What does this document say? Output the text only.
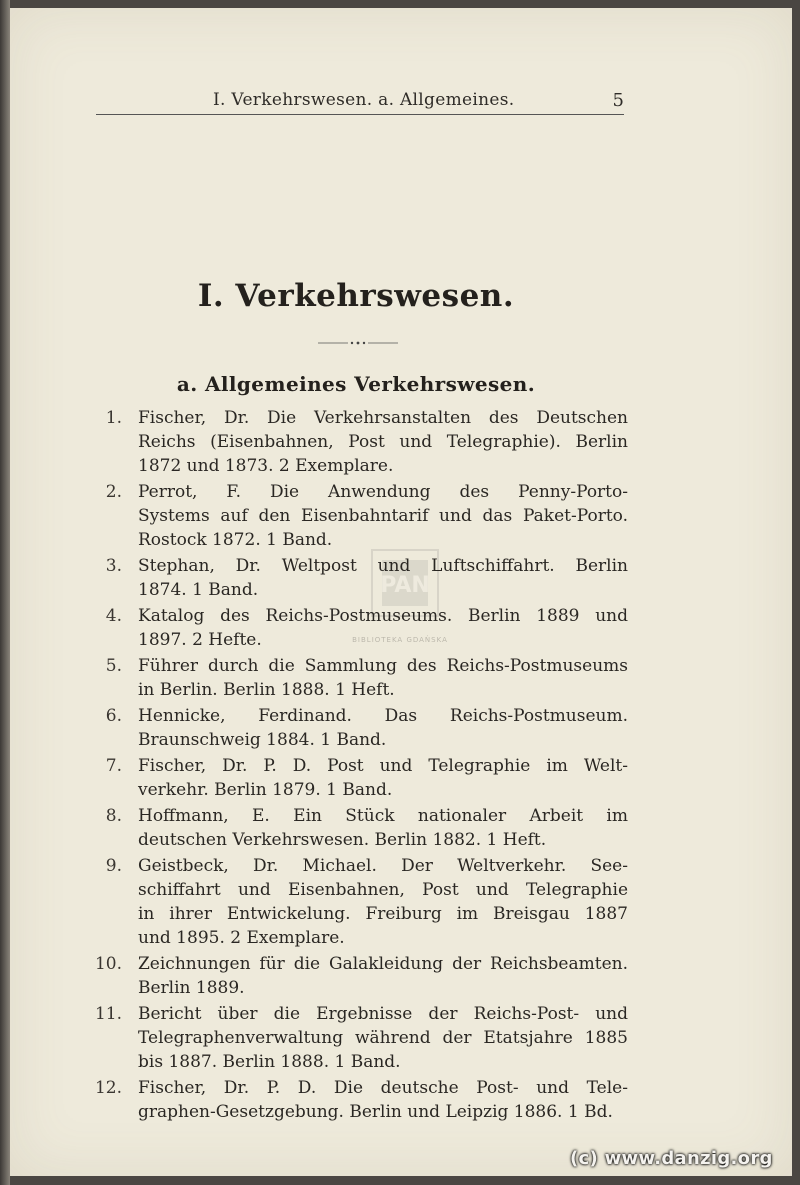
I. Verkehrswesen. a. Allgemeines.	5
I. Verkehrswesen.
a. Allgemeines Verkehrswesen.
PAN
BIBLIOTEKA GDAŃSKA
1. Fischer, Dr. Die Verkehrsanstalten des Deutschen

Reichs (Eisenbahnen, Post und Telegraphie). Berlin

1872 und 1873. 2 Exemplare.

2. Perrot, F. Die Anwendung des Penny-Porto-

Systems auf den Eisenbahntarif und das Paket-Porto.

Rostock 1872. 1 Band.

3. Stephan, Dr. Weltpost und Luftschiffahrt. Berlin

1874. 1 Band.

4. Katalog des Reichs-Postmuseums. Berlin 1889 und

1897. 2 Hefte.

5. Führer durch die Sammlung des Reichs-Postmuseums

in Berlin. Berlin 1888. 1 Heft.

6. Hennicke, Ferdinand. Das Reichs-Postmuseum.

Braunschweig 1884. 1 Band.

7. Fischer, Dr. P. D. Post und Telegraphie im Welt-

verkehr. Berlin 1879. 1 Band.

8. Hoffmann, E. Ein Stück nationaler Arbeit im

deutschen Verkehrswesen. Berlin 1882. 1 Heft.

9. Geistbeck, Dr. Michael. Der Weltverkehr. See-

schiffahrt und Eisenbahnen, Post und Telegraphie

in ihrer Entwickelung. Freiburg im Breisgau 1887

und 1895. 2 Exemplare.

10. Zeichnungen für die Galakleidung der Reichsbeamten.

Berlin 1889.

11. Bericht über die Ergebnisse der Reichs-Post- und

Telegraphenverwaltung während der Etatsjahre 1885

bis 1887. Berlin 1888. 1 Band.

12. Fischer, Dr. P. D. Die deutsche Post- und Tele-

graphen-Gesetzgebung. Berlin und Leipzig 1886. 1 Bd.

(c) www.danzig.org
